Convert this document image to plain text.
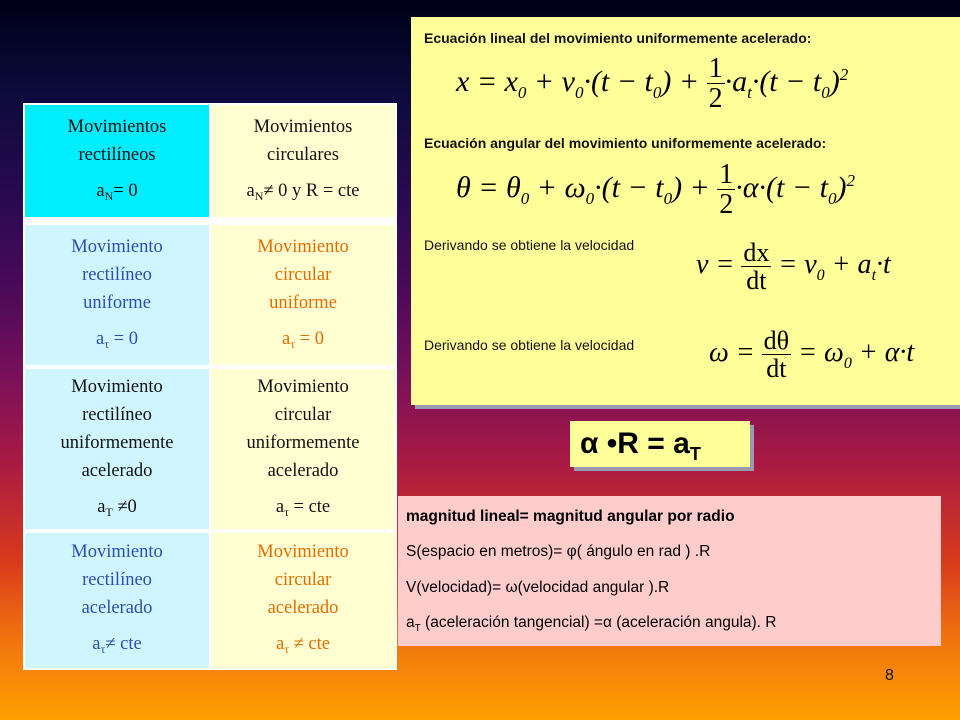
Movimientos
rectilíneos
$a_N= 0$
Movimientos
circulares
$a_N\ne 0$ y R = cte
Movimiento
rectilíneo
uniforme
$a_\tau = 0$
Movimiento
circular
uniforme
$a_\tau = 0$
Movimiento
rectilíneo
uniformemente
acelerado
$a_T \ne 0$
Movimiento
circular
uniformemente
acelerado
$a_\tau$ = cte
Movimiento
rectilíneo
acelerado
$a_\tau\ne$ cte
Movimiento
circular
acelerado
$a_\tau$ ≠ cte
Ecuación lineal del movimiento uniformemente acelerado:
$x = x_0 + v_0\cdot(t - t_0) + \frac{1}{2} \cdot a_t\cdot(t - t_0)^2$
Ecuación angular del movimiento uniformemente acelerado:
$\theta = \theta_0 + \omega_0\cdot(t - t_0) + \frac{1}{2} \cdot\alpha\cdot(t - t_0)^2$
Derivando se obtiene la velocidad
$v = \frac{dx}{dt} = v_0 + a_t\cdot t$
Derivando se obtiene la velocidad	$\omega = \frac{d\theta}{dt} = \omega_0 + \alpha\cdot t$
α •R = $a_T$
magnitud lineal= magnitud angular por radio
S(espacio en metros)= φ( ángulo en rad ) .R
V(velocidad)= ω(velocidad angular ).R
$a_T$ (aceleración tangencial) =α (aceleración angula). R
8
